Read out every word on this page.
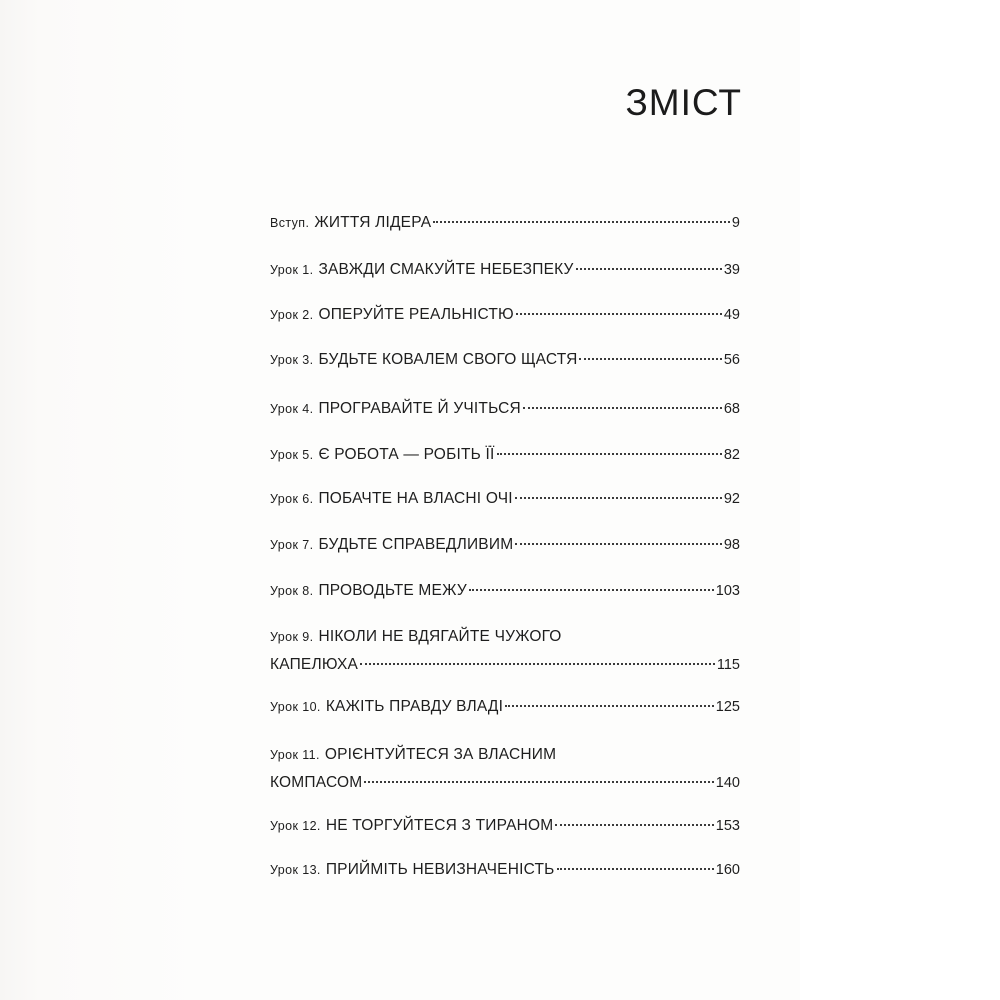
ЗМІСТ
Вступ. ЖИТТЯ ЛІДЕРА	9
Урок 1. ЗАВЖДИ СМАКУЙТЕ НЕБЕЗПЕКУ	39
Урок 2. ОПЕРУЙТЕ РЕАЛЬНІСТЮ	49
Урок 3. БУДЬТЕ КОВАЛЕМ СВОГО ЩАСТЯ	56
Урок 4. ПРОГРАВАЙТЕ Й УЧІТЬСЯ	68
Урок 5. Є РОБОТА — РОБІТЬ ЇЇ	82
Урок 6. ПОБАЧТЕ НА ВЛАСНІ ОЧІ	92
Урок 7. БУДЬТЕ СПРАВЕДЛИВИМ	98
Урок 8. ПРОВОДЬТЕ МЕЖУ	103
Урок 9. НІКОЛИ НЕ ВДЯГАЙТЕ ЧУЖОГО
КАПЕЛЮХА	115
Урок 10. КАЖІТЬ ПРАВДУ ВЛАДІ	125
Урок 11. ОРІЄНТУЙТЕСЯ ЗА ВЛАСНИМ
КОМПАСОМ	140
Урок 12. НЕ ТОРГУЙТЕСЯ З ТИРАНОМ	153
Урок 13. ПРИЙМІТЬ НЕВИЗНАЧЕНІСТЬ	160
